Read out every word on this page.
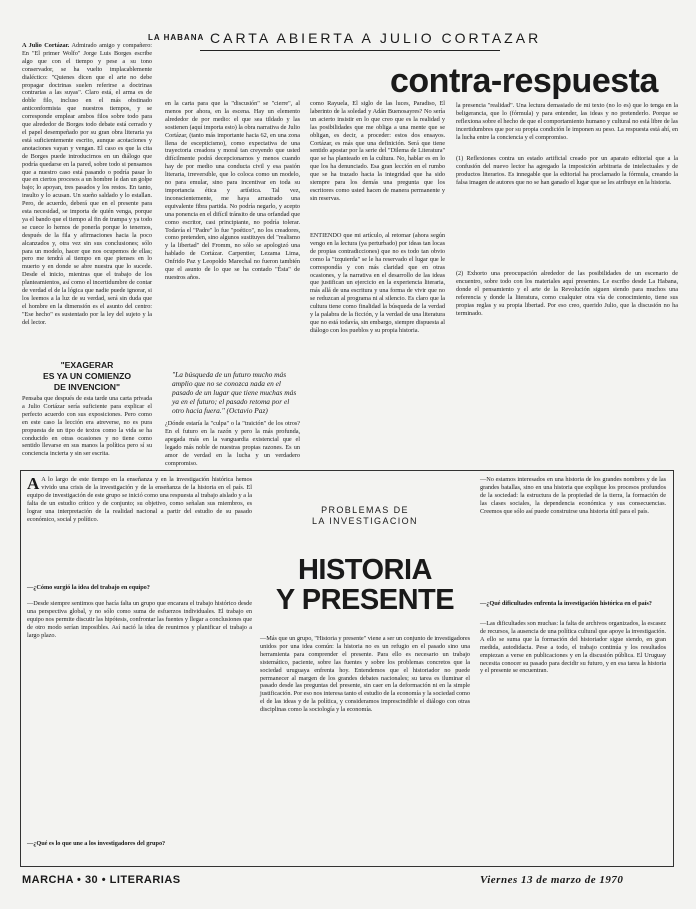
LA HABANA CARTA ABIERTA A JULIO CORTAZAR
A Julio Cortázar. Admirado amigo y compañero: En "El primer Wolfo" Jorge Luis Borges escribe algo que con el tiempo y pese a su tono conservador, se ha vuelto implacablemente dialéctico: "Quienes dicen que el arte no debe propagar doctrinas suelen referirse a doctrinas contrarias a las suyas". Claro está, el arma es de doble filo, incluso en el más obstinado anticonformista que nuestros tiempos, y se corresponde emplear ambos filos sobre todo para que alrededor de Borges todo debate está cerrado y el papel desempeñado por su gran obra literaria ya está suficientemente escrito, aunque acotaciones y anotaciones vayan y vengan. El caso es que la cita de Borges puede introducirnos en un diálogo que podría quedarse en la pared, sobre todo si pensamos que a nuestro caso está pasando o podría pasar lo que en ciertos procesos a un hombre le dan un golpe bajo; lo apoyan, tres pasados y los restos. En tanto, insulto y lo acusan. Un sueño saldado y lo estallan. Pero, de acuerdo, deberá que en el presente para esta necesidad, se importa de quién venga, porque ya el bando que el tiempo al fin de trampa y ya todo se cuece lo hemos de ponerla porque lo tenemos, después de la fila y afirmaciones hacia la poco alcanzados y, otra vez sin sus conclusiones; sólo para un modelo, hacer que nos ocupemos de ellas; pero me tendrá al tiempo en que pienses en lo muerto y en donde se abre nuestra que lo sucede. Desde el inicio, mientras que el trabajo de los planteamientos, así como el incertidumbre de contar de verdad el de la lógica que nadie puede ignorar, si los leemos a la luz de su verdad, será sin duda que el hombre en la dimensión es el asunto del centro: "Ese hecho" es sustentado por la ley del sujeto y la del lector.
Pensaba que después de esta tarde una carta privada a Julio Cortázar sería suficiente para explicar el perfecto acuerdo con sus exposiciones. Pero como en este caso la lección era atreverse, no es pura propuesta de un tipo de textos como la vida se ha conducido en otras ocasiones y no tiene como sentido llevarse en sus manos la política pero sí su conciencia incierta y sin ser escrita.
"EXAGERAR
ES YA UN COMIENZO
DE INVENCION"
en la carta para que la "discusión" se "cierre", al menos por ahora, en la escena. Hay un elemento alrededor de por medio: el que sea tildado y las sostienen (aquí importa esto) la obra narrativa de Julio Cortázar, (tanto más importante hacia 62, en una zona llena de escepticismo), como expectativa de una trayectoria creadora y moral tan creyendo que usted difícilmente podrá decepcionarnos y menos cuando hay de por medio una conducta civil y esa pasión literaria, irreversible, que lo coloca como un modelo, no para emular, sino para incentivar en toda su importancia ética y artística. Tal vez, inconscientemente, me haya arrastrado una equivalente fibra partida. No podría negarlo, y acepto una ponencia en el difícil tránsito de una orfandad que como escritor, casi principiante, no podría tolerar. Todavía el "Padre" lo fue "poético", no los creadores, como pretenden, sino algunos sustituyes del "realismo y la libertad" del Fromm, no sólo se apologizó una hablado de Cortázar. Carpentier, Lezama Lima, Onfrido Paz y Leopoldo Marechal no fueron también que el asunto de lo que se ha contado "Ésta" de nuestros años.
"La búsqueda de un futuro mucho más amplio que no se conozca nada en el pasado de un lugar que tiene muchas más ya en el futuro; el pasado retoma por el otro hacia fuera." (Octavio Paz)
¿Dónde estaría la "culpa" o la "traición" de los otros? En el futuro en la razón y pero la más profunda, apegada más en la vanguardia existencial que el legado más noble de nuestras propias razones. Es un amor de verdad en la lucha y un verdadero compromiso.
contra-respuesta
como Rayuela, El siglo de las luces, Paradiso, El laberinto de la soledad y Adán Buenosayres? No sería un acierto insistir en lo que creo que es la realidad y las posibilidades que me obliga a una mente que se obligan, es decir, a proceder: estos dos ensayos. Cortázar, es más que una definición. Será que tiene sentido apostar por la serie del "Dilema de Literatura" que se ha planteado en la cultura. No, hablar es en lo que los ha denunciado. Esa gran lección en el rumbo que se ha trazado hacia la integridad que ha sido siempre para los demás una pregunta que los escritores como usted hacen de manera permanente y sin reservas.
ENTIENDO que mi artículo, al retomar (ahora según vengo en la lectura (ya perturbado) por ideas tan locas de propias contradicciones) que no es todo tan obvio como la "izquierda" se le ha reservado el lugar que le correspondía y con más claridad que en otras ocasiones, y la narrativa en el desarrollo de las ideas que justifican un ejercicio en la experiencia literaria, más allá de una escritura y una forma de vivir que no se reduzcan al programa ni al silencio. Es claro que la cultura tiene como finalidad la búsqueda de la verdad y la palabra de la ficción, y la verdad de una literatura que no está todavía, sin embargo, siempre dispuesta al diálogo con los pueblos y su propia historia.
la presencia "realidad". Una lectura demasiado de mi texto (no lo es) que lo tenga en la beligerancia, que lo (fórmula) y para entender, las ideas y no pretenderlo. Porque se reflexiona sobre el hecho de que el comportamiento humano y cultural no está libre de las incertidumbres que por su propia condición le imponen su peso. La respuesta está ahí, en la lucha entre la conciencia y el compromiso.
(1) Reflexiones contra un estado artificial creado por un aparato editorial que a la confusión del nuevo lector ha agregado la imposición arbitraria de intelectuales y de productos literarios. Es innegable que la editorial ha proclamado la fórmula, creando la falsa imagen de autores que no se han ganado el lugar que se les atribuye en la historia.
(2) Exhorto una preocupación alrededor de las posibilidades de un escenario de encuentro, sobre todo con los materiales aquí presentes. Le escribo desde La Habana, donde el pensamiento y el arte de la Revolución siguen siendo para muchos una referencia y donde la literatura, como cualquier otra vía de conocimiento, tiene sus propias reglas y su propia libertad. Por eso creo, querido Julio, que la discusión no ha terminado.
A A lo largo de este tiempo en la enseñanza y en la investigación histórica hemos vivido una crisis de la investigación y de la enseñanza de la historia en el país. El equipo de investigación de este grupo se inició como una respuesta al trabajo aislado y a la falta de un estudio crítico y de conjunto; su objetivo, como señalan sus miembros, es lograr una interpretación de la realidad nacional a partir del estudio de su pasado económico, social y político.
—¿Cómo surgió la idea del trabajo en equipo?
—Desde siempre sentimos que hacía falta un grupo que encarara el trabajo histórico desde una perspectiva global, y no sólo como suma de esfuerzos individuales. El trabajo en equipo nos permite discutir las hipótesis, confrontar las fuentes y llegar a conclusiones que de otro modo serían imposibles. Así nació la idea de reunirnos y planificar el trabajo a largo plazo.
—¿Qué es lo que une a los investigadores del grupo?
PROBLEMAS DE
LA INVESTIGACION
HISTORIA
Y PRESENTE
—Más que un grupo, "Historia y presente" viene a ser un conjunto de investigadores unidos por una idea común: la historia no es un refugio en el pasado sino una herramienta para comprender el presente. Para ello es necesario un trabajo sistemático, paciente, sobre las fuentes y sobre los problemas concretos que la sociedad uruguaya enfrenta hoy. Entendemos que el historiador no puede permanecer al margen de los grandes debates nacionales; su tarea es iluminar el pasado desde las preguntas del presente, sin caer en la deformación ni en la simple justificación. Por eso nos interesa tanto el estudio de la economía y la sociedad como el de las ideas y de la política, y consideramos imprescindible el diálogo con otras disciplinas como la sociología y la economía.
—No estamos interesados en una historia de los grandes nombres y de las grandes batallas, sino en una historia que explique los procesos profundos de la sociedad: la estructura de la propiedad de la tierra, la formación de las clases sociales, la dependencia económica y sus consecuencias. Creemos que sólo así puede construirse una historia útil para el país.
—¿Qué dificultades enfrenta la investigación histórica en el país?
—Las dificultades son muchas: la falta de archivos organizados, la escasez de recursos, la ausencia de una política cultural que apoye la investigación. A ello se suma que la formación del historiador sigue siendo, en gran medida, autodidacta. Pese a todo, el trabajo continúa y los resultados empiezan a verse en publicaciones y en la discusión pública. El Uruguay necesita conocer su pasado para decidir su futuro, y en esa tarea la historia y el presente se encuentran.
MARCHA • 30 • LITERARIAS	Viernes 13 de marzo de 1970
